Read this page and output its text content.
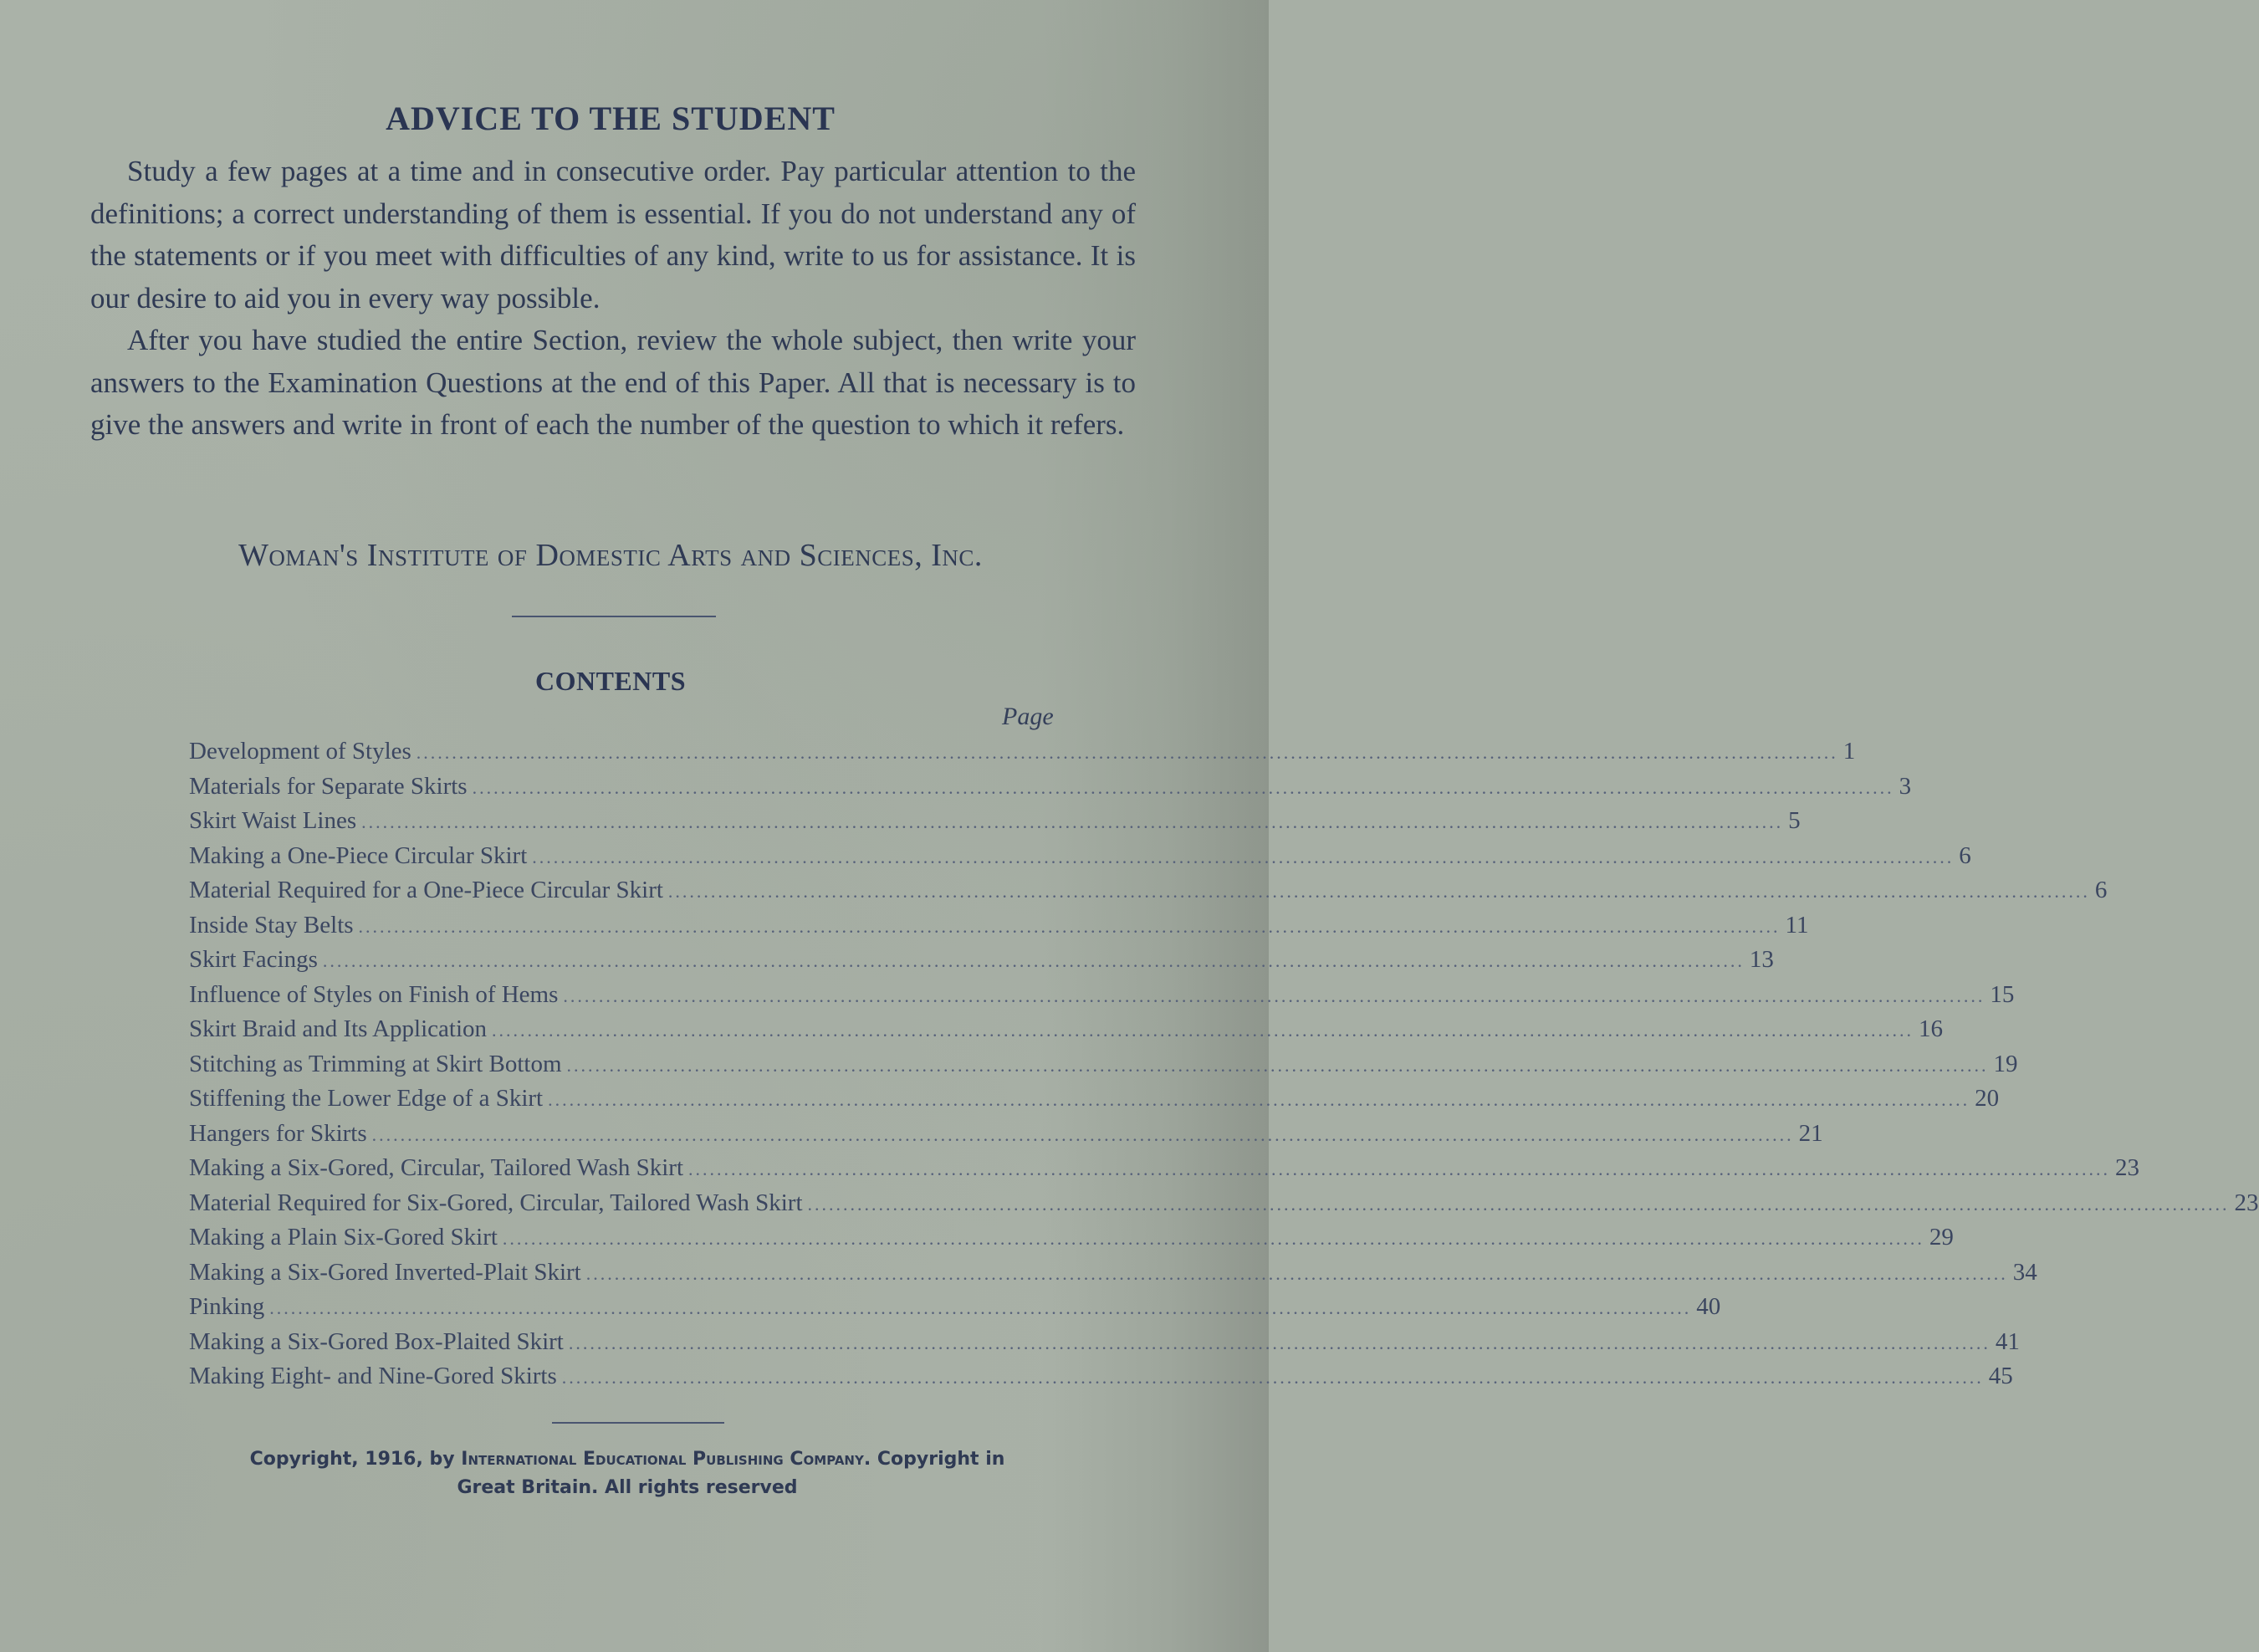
ADVICE TO THE STUDENT

Study a few pages at a time and in consecutive order. Pay particular attention to the definitions; a correct understanding of them is essential. If you do not understand any of the statements or if you meet with difficulties of any kind, write to us for assistance. It is our desire to aid you in every way possible.

After you have studied the entire Section, review the whole subject, then write your answers to the Examination Questions at the end of this Paper. All that is necessary is to give the answers and write in front of each the number of the question to which it refers.

Woman's Institute of Domestic Arts and Sciences, Inc.
CONTENTS
Page
Development of Styles ........................................................................................................................................................................................................ 1
Materials for Separate Skirts ........................................................................................................................................................................................................ 3
Skirt Waist Lines ........................................................................................................................................................................................................ 5
Making a One-Piece Circular Skirt ........................................................................................................................................................................................................ 6
Material Required for a One-Piece Circular Skirt ........................................................................................................................................................................................................ 6
Inside Stay Belts ........................................................................................................................................................................................................ 11
Skirt Facings ........................................................................................................................................................................................................ 13
Influence of Styles on Finish of Hems ........................................................................................................................................................................................................ 15
Skirt Braid and Its Application ........................................................................................................................................................................................................ 16
Stitching as Trimming at Skirt Bottom ........................................................................................................................................................................................................ 19
Stiffening the Lower Edge of a Skirt ........................................................................................................................................................................................................ 20
Hangers for Skirts ........................................................................................................................................................................................................ 21
Making a Six-Gored, Circular, Tailored Wash Skirt ........................................................................................................................................................................................................ 23
Material Required for Six-Gored, Circular, Tailored Wash Skirt ........................................................................................................................................................................................................ 23
Making a Plain Six-Gored Skirt ........................................................................................................................................................................................................ 29
Making a Six-Gored Inverted-Plait Skirt ........................................................................................................................................................................................................ 34
Pinking ........................................................................................................................................................................................................ 40
Making a Six-Gored Box-Plaited Skirt ........................................................................................................................................................................................................ 41
Making Eight- and Nine-Gored Skirts ........................................................................................................................................................................................................ 45
Copyright, 1916, by International Educational Publishing Company. Copyright in
Great Britain. All rights reserved
